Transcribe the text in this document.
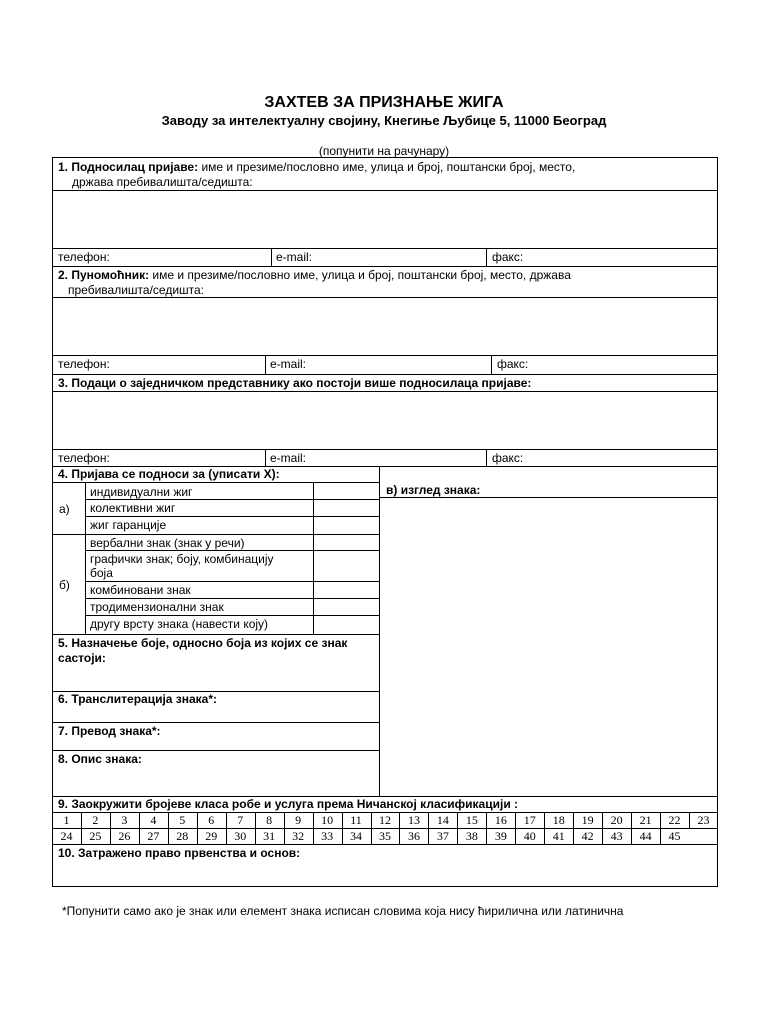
ЗАХТЕВ ЗА ПРИЗНАЊЕ ЖИГА
Заводу за интелектуалну својину, Кнегиње Љубице 5, 11000 Београд
(попунити на рачунару)
1. Подносилац пријаве: име и презиме/пословно име, улица и број, поштански број, место,
држава пребивалишта/седишта:
телефон:	e-mail:	факс:
2. Пуномоћник: име и презиме/пословно име, улица и број, поштански број, место, држава
пребивалишта/седишта:
телефон:	e-mail:	факс:
3. Подаци о заједничком представнику ако постоји више подносилаца пријаве:
телефон:	e-mail:	факс:
4. Пријава се подноси за (уписати X):
в) изглед знака:
а)
индивидуални жиг
колективни жиг
жиг гаранције
б)
вербални знак (знак у речи)
графички знак; боју, комбинацију
боја
комбиновани знак
тродимензионални знак
другу врсту знака (навести коју)
5. Назначење боје, односно боја из којих се знак
састоји:
6. Транслитерација знака*:
7. Превод знака*:
8. Опис знака:
9. Заокружити бројеве класа робе и услуга према Ничанској класификацији :
1	2	3	4	5	6	7	8	9	10	11	12	13	14	15	16	17	18	19	20	21	22	23
24	25	26	27	28	29	30	31	32	33	34	35	36	37	38	39	40	41	42	43	44	45
10. Затражено право првенства и основ:
*Попунити само ако је знак или елемент знака исписан словима која нису ћирилична или латинична
